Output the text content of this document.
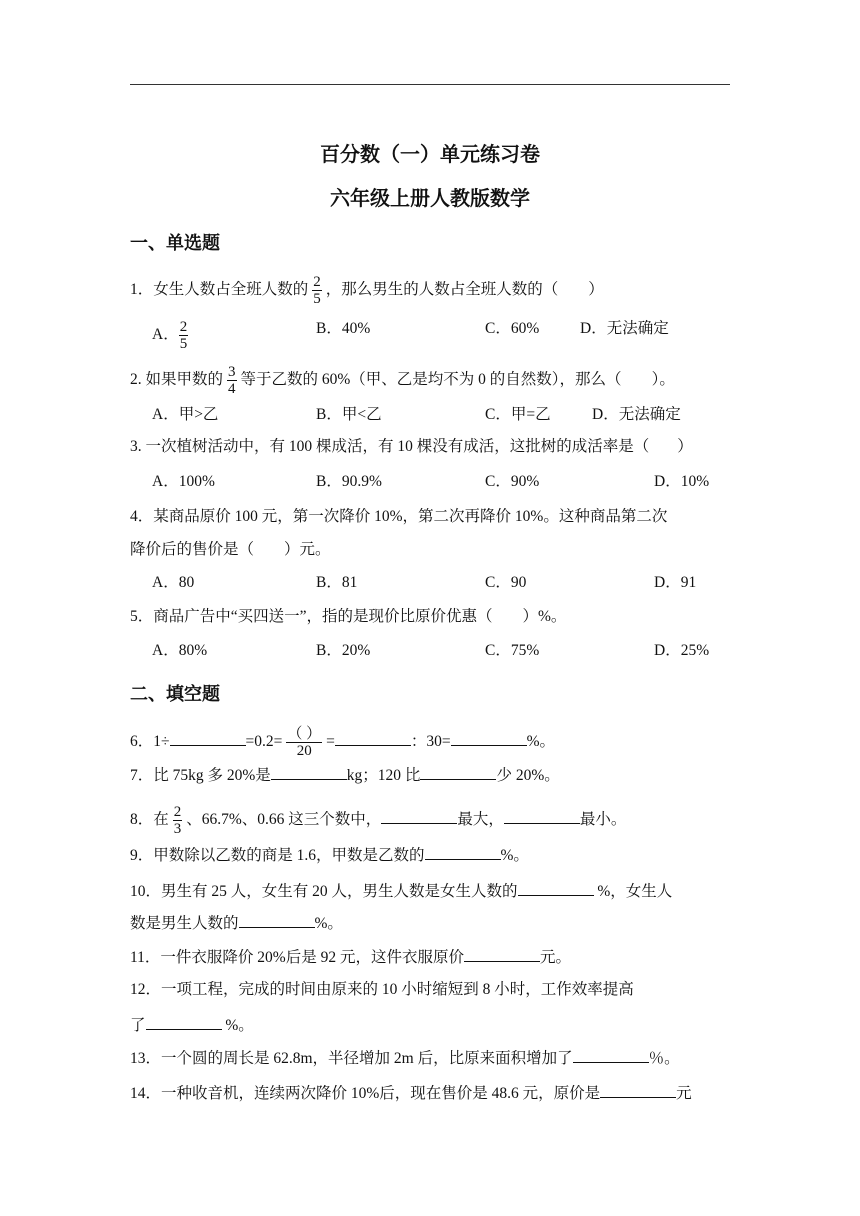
百分数（一）单元练习卷
六年级上册人教版数学
一、单选题
1．女生人数占全班人数的 $\frac{2}{5}$ ，那么男生的人数占全班人数的（ ）
A． $\frac{2}{5}$	B．40%	C．60%	D．无法确定
2. 如果甲数的 $\frac{3}{4}$ 等于乙数的 60%（甲、乙是均不为 0 的自然数），那么（ ）。
A．甲>乙	B．甲<乙	C．甲=乙	D．无法确定
3. 一次植树活动中，有 100 棵成活，有 10 棵没有成活，这批树的成活率是（ ）
A．100%	B．90.9%	C．90%	D．10%
4．某商品原价 100 元，第一次降价 10%，第二次再降价 10%。这种商品第二次
降价后的售价是（ ）元。
A．80	B．81	C．90	D．91
5．商品广告中“买四送一”，指的是现价比原价优惠（ ）%。
A．80%	B．20%	C．75%	D．25%
二、填空题
6．1÷	$=0.2= \frac{( )}{20}$ =	：30=	%。
7．比 75kg 多 20%是	kg；120 比	少 20%。
8．在 $\frac{2}{3}$ 、66.7%、0.66 这三个数中，	最大，	最小。
9．甲数除以乙数的商是 1.6，甲数是乙数的	%。
10．男生有 25 人，女生有 20 人，男生人数是女生人数的	%，女生人
数是男生人数的	%。
11．一件衣服降价 20%后是 92 元，这件衣服原价	元。
12．一项工程，完成的时间由原来的 10 小时缩短到 8 小时，工作效率提高
了	%。
13．一个圆的周长是 62.8m，半径增加 2m 后，比原来面积增加了	％。
14．一种收音机，连续两次降价 10%后，现在售价是 48.6 元，原价是	元
